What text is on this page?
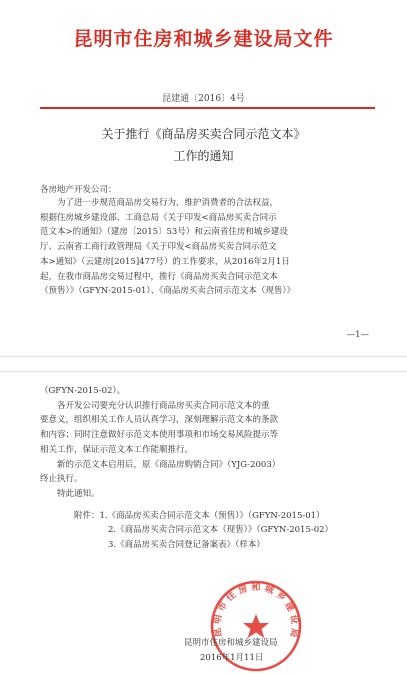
昆明市住房和城乡建设局文件
昆建通〔2016〕4号
关于推行《商品房买卖合同示范文本》
工作的通知
各房地产开发公司：
为了进一步规范商品房交易行为，维护消费者的合法权益，
根据住房城乡建设部、工商总局《关于印发<商品房买卖合同示
范文本>的通知》（建房〔2015〕53号）和云南省住房和城乡建设
厅、云南省工商行政管理局《关于印发<商品房买卖合同示范文
本>通知》（云建房[2015]477号）的工作要求，从2016年2月1日
起，在我市商品房交易过程中，推行《商品房买卖合同示范文本
（预售）》（GFYN-2015-01）、《商品房买卖合同示范文本（现售）》
—1—
（GFYN-2015-02）。
各开发公司要充分认识推行商品房买卖合同示范文本的重
要意义，组织相关工作人员认真学习，深刻理解示范文本的条款
和内容；同时注意做好示范文本使用事项和市场交易风险提示等
相关工作，保证示范文本工作能顺推行。
新的示范文本启用后，原《商品房购销合同》（YJG-2003）
终止执行。
特此通知。
附件：1.《商品房买卖合同示范文本（预售）》（GFYN-2015-01）
2.《商品房买卖合同示范文本（现售）》（GFYN-2015-02）
3.《商品房买卖合同登记备案表》（样本）
昆
明
市
住
房 和 城
乡
建
设
局
昆明市住房和城乡建设局
2016年1月11日
